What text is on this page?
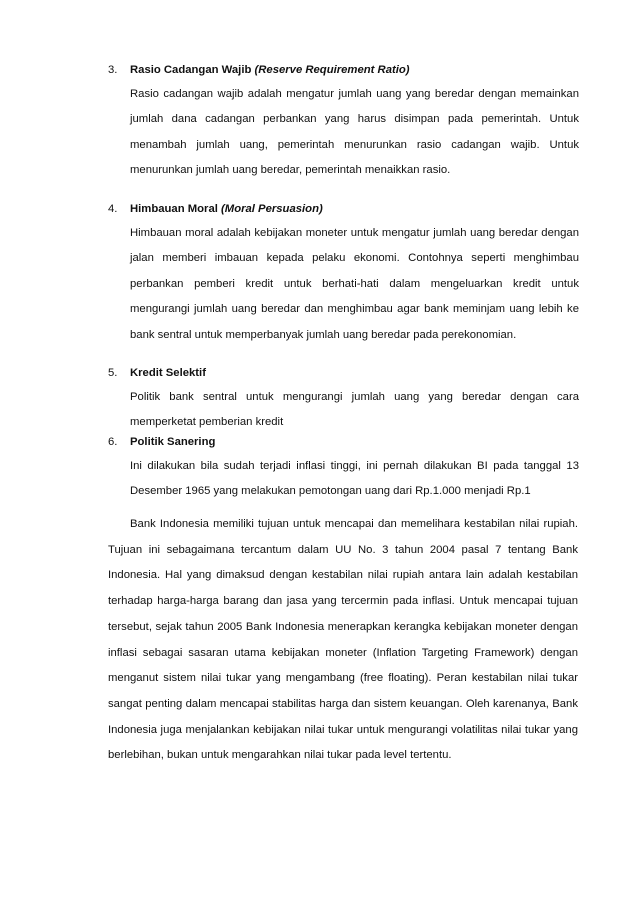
3. Rasio Cadangan Wajib (Reserve Requirement Ratio)
Rasio cadangan wajib adalah mengatur jumlah uang yang beredar dengan memainkan jumlah dana cadangan perbankan yang harus disimpan pada pemerintah. Untuk menambah jumlah uang, pemerintah menurunkan rasio cadangan wajib. Untuk menurunkan jumlah uang beredar, pemerintah menaikkan rasio.
4. Himbauan Moral (Moral Persuasion)
Himbauan moral adalah kebijakan moneter untuk mengatur jumlah uang beredar dengan jalan memberi imbauan kepada pelaku ekonomi. Contohnya seperti menghimbau perbankan pemberi kredit untuk berhati-hati dalam mengeluarkan kredit untuk mengurangi jumlah uang beredar dan menghimbau agar bank meminjam uang lebih ke bank sentral untuk memperbanyak jumlah uang beredar pada perekonomian.
5. Kredit Selektif
Politik bank sentral untuk mengurangi jumlah uang yang beredar dengan cara memperketat pemberian kredit
6. Politik Sanering
Ini dilakukan bila sudah terjadi inflasi tinggi, ini pernah dilakukan BI pada tanggal 13 Desember 1965 yang melakukan pemotongan uang dari Rp.1.000 menjadi Rp.1
Bank Indonesia memiliki tujuan untuk mencapai dan memelihara kestabilan nilai rupiah. Tujuan ini sebagaimana tercantum dalam UU No. 3 tahun 2004 pasal 7 tentang Bank Indonesia. Hal yang dimaksud dengan kestabilan nilai rupiah antara lain adalah kestabilan terhadap harga-harga barang dan jasa yang tercermin pada inflasi. Untuk mencapai tujuan tersebut, sejak tahun 2005 Bank Indonesia menerapkan kerangka kebijakan moneter dengan inflasi sebagai sasaran utama kebijakan moneter (Inflation Targeting Framework) dengan menganut sistem nilai tukar yang mengambang (free floating). Peran kestabilan nilai tukar sangat penting dalam mencapai stabilitas harga dan sistem keuangan. Oleh karenanya, Bank Indonesia juga menjalankan kebijakan nilai tukar untuk mengurangi volatilitas nilai tukar yang berlebihan, bukan untuk mengarahkan nilai tukar pada level tertentu.
